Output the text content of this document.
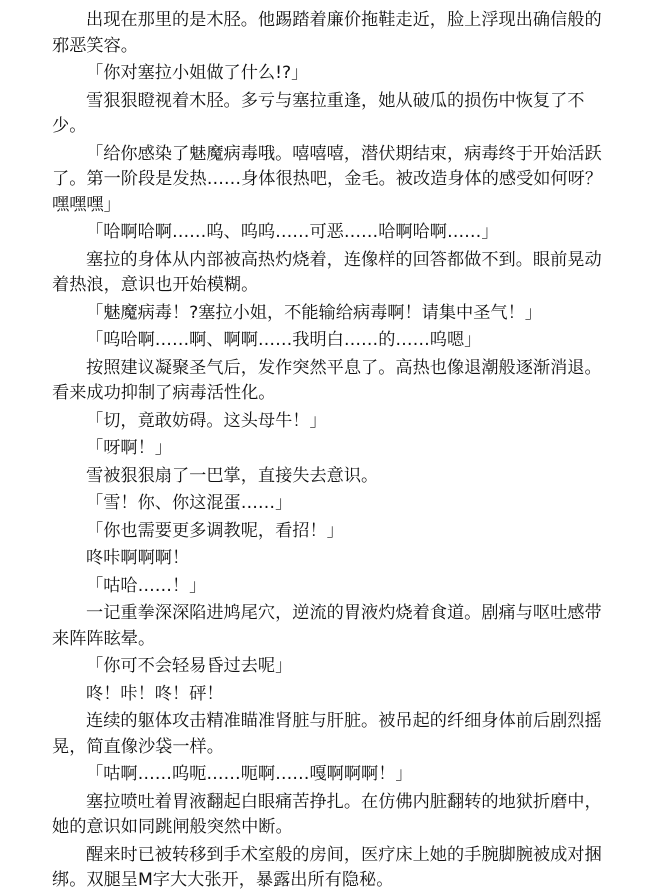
出现在那里的是木胫。他踢踏着廉价拖鞋走近，脸上浮现出确信般的邪恶笑容。

「你对塞拉小姐做了什么!?」

雪狠狠瞪视着木胫。多亏与塞拉重逢，她从破瓜的损伤中恢复了不少。

「给你感染了魅魔病毒哦。嘻嘻嘻，潜伏期结束，病毒终于开始活跃了。第一阶段是发热……身体很热吧，金毛。被改造身体的感受如何呀？嘿嘿嘿」

「哈啊哈啊……呜、呜呜……可恶……哈啊哈啊……」

塞拉的身体从内部被高热灼烧着，连像样的回答都做不到。眼前晃动着热浪，意识也开始模糊。

「魅魔病毒！?塞拉小姐，不能输给病毒啊！请集中圣气！」

「呜哈啊……啊、啊啊……我明白……的……呜嗯」

按照建议凝聚圣气后，发作突然平息了。高热也像退潮般逐渐消退。看来成功抑制了病毒活性化。

「切，竟敢妨碍。这头母牛！」

「呀啊！」

雪被狠狠扇了一巴掌，直接失去意识。

「雪！你、你这混蛋……」

「你也需要更多调教呢，看招！」

咚咔啊啊啊！

「咕哈……！」

一记重拳深深陷进鸠尾穴，逆流的胃液灼烧着食道。剧痛与呕吐感带来阵阵眩晕。

「你可不会轻易昏过去呢」

咚！咔！咚！砰！

连续的躯体攻击精准瞄准肾脏与肝脏。被吊起的纤细身体前后剧烈摇晃，简直像沙袋一样。

「咕啊……呜呃……呃啊……嘎啊啊啊！」

塞拉喷吐着胃液翻起白眼痛苦挣扎。在仿佛内脏翻转的地狱折磨中，她的意识如同跳闸般突然中断。

醒来时已被转移到手术室般的房间，医疗床上她的手腕脚腕被成对捆绑。双腿呈M字大大张开，暴露出所有隐秘。
